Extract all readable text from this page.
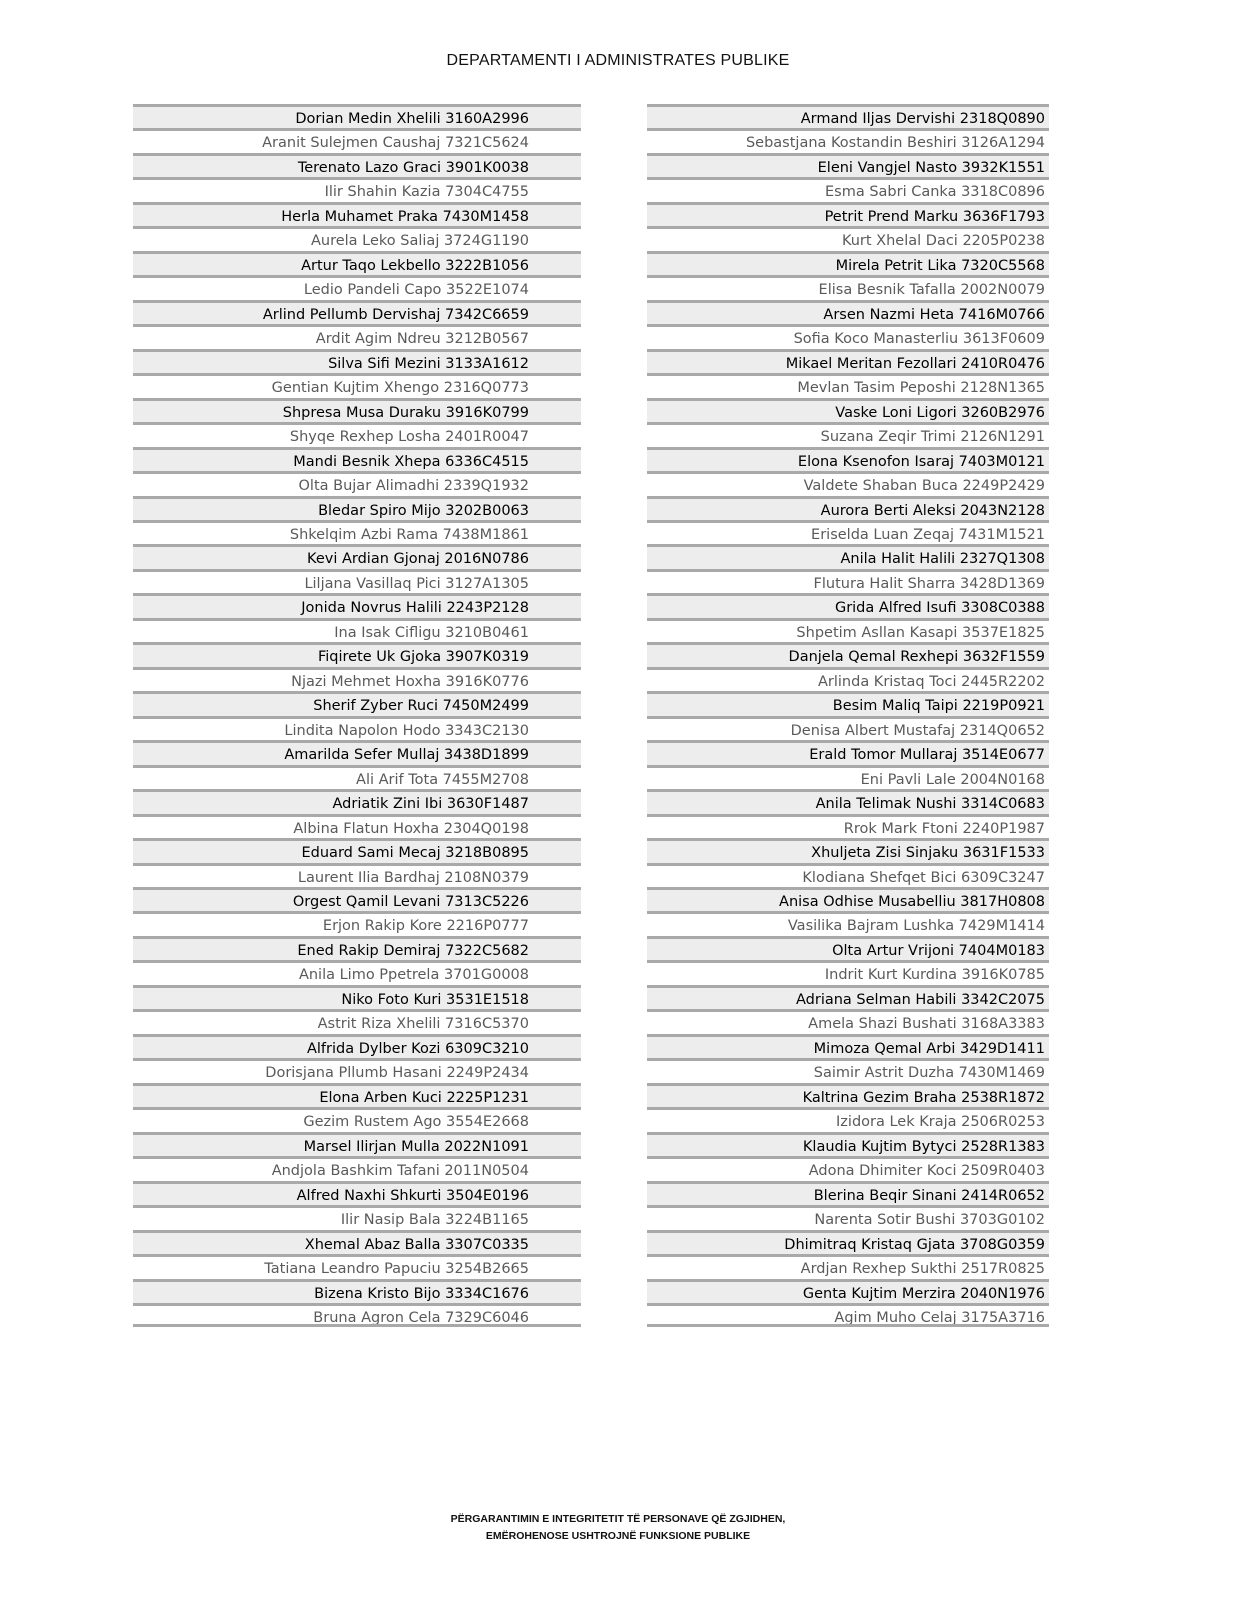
DEPARTAMENTI I ADMINISTRATES PUBLIKE
Dorian Medin Xhelili 3160A2996
Aranit Sulejmen Caushaj 7321C5624
Terenato Lazo Graci 3901K0038
Ilir Shahin Kazia 7304C4755
Herla Muhamet Praka 7430M1458
Aurela Leko Saliaj 3724G1190
Artur Taqo Lekbello 3222B1056
Ledio Pandeli Capo 3522E1074
Arlind Pellumb Dervishaj 7342C6659
Ardit Agim Ndreu 3212B0567
Silva Sifi Mezini 3133A1612
Gentian Kujtim Xhengo 2316Q0773
Shpresa Musa Duraku 3916K0799
Shyqe Rexhep Losha 2401R0047
Mandi Besnik Xhepa 6336C4515
Olta Bujar Alimadhi 2339Q1932
Bledar Spiro Mijo 3202B0063
Shkelqim Azbi Rama 7438M1861
Kevi Ardian Gjonaj 2016N0786
Liljana Vasillaq Pici 3127A1305
Jonida Novrus Halili 2243P2128
Ina Isak Cifligu 3210B0461
Fiqirete Uk Gjoka 3907K0319
Njazi Mehmet Hoxha 3916K0776
Sherif Zyber Ruci 7450M2499
Lindita Napolon Hodo 3343C2130
Amarilda Sefer Mullaj 3438D1899
Ali Arif Tota 7455M2708
Adriatik Zini Ibi 3630F1487
Albina Flatun Hoxha 2304Q0198
Eduard Sami Mecaj 3218B0895
Laurent Ilia Bardhaj 2108N0379
Orgest Qamil Levani 7313C5226
Erjon Rakip Kore 2216P0777
Ened Rakip Demiraj 7322C5682
Anila Limo Ppetrela 3701G0008
Niko Foto Kuri 3531E1518
Astrit Riza Xhelili 7316C5370
Alfrida Dylber Kozi 6309C3210
Dorisjana Pllumb Hasani 2249P2434
Elona Arben Kuci 2225P1231
Gezim Rustem Ago 3554E2668
Marsel Ilirjan Mulla 2022N1091
Andjola Bashkim Tafani 2011N0504
Alfred Naxhi Shkurti 3504E0196
Ilir Nasip Bala 3224B1165
Xhemal Abaz Balla 3307C0335
Tatiana Leandro Papuciu 3254B2665
Bizena Kristo Bijo 3334C1676
Bruna Agron Cela 7329C6046
Armand Iljas Dervishi 2318Q0890
Sebastjana Kostandin Beshiri 3126A1294
Eleni Vangjel Nasto 3932K1551
Esma Sabri Canka 3318C0896
Petrit Prend Marku 3636F1793
Kurt Xhelal Daci 2205P0238
Mirela Petrit Lika 7320C5568
Elisa Besnik Tafalla 2002N0079
Arsen Nazmi Heta 7416M0766
Sofia Koco Manasterliu 3613F0609
Mikael Meritan Fezollari 2410R0476
Mevlan Tasim Peposhi 2128N1365
Vaske Loni Ligori 3260B2976
Suzana Zeqir Trimi 2126N1291
Elona Ksenofon Isaraj 7403M0121
Valdete Shaban Buca 2249P2429
Aurora Berti Aleksi 2043N2128
Eriselda Luan Zeqaj 7431M1521
Anila Halit Halili 2327Q1308
Flutura Halit Sharra 3428D1369
Grida Alfred Isufi 3308C0388
Shpetim Asllan Kasapi 3537E1825
Danjela Qemal Rexhepi 3632F1559
Arlinda Kristaq Toci 2445R2202
Besim Maliq Taipi 2219P0921
Denisa Albert Mustafaj 2314Q0652
Erald Tomor Mullaraj 3514E0677
Eni Pavli Lale 2004N0168
Anila Telimak Nushi 3314C0683
Rrok Mark Ftoni 2240P1987
Xhuljeta Zisi Sinjaku 3631F1533
Klodiana Shefqet Bici 6309C3247
Anisa Odhise Musabelliu 3817H0808
Vasilika Bajram Lushka 7429M1414
Olta Artur Vrijoni 7404M0183
Indrit Kurt Kurdina 3916K0785
Adriana Selman Habili 3342C2075
Amela Shazi Bushati 3168A3383
Mimoza Qemal Arbi 3429D1411
Saimir Astrit Duzha 7430M1469
Kaltrina Gezim Braha 2538R1872
Izidora Lek Kraja 2506R0253
Klaudia Kujtim Bytyci 2528R1383
Adona Dhimiter Koci 2509R0403
Blerina Beqir Sinani 2414R0652
Narenta Sotir Bushi 3703G0102
Dhimitraq Kristaq Gjata 3708G0359
Ardjan Rexhep Sukthi 2517R0825
Genta Kujtim Merzira 2040N1976
Agim Muho Celaj 3175A3716
PËRGARANTIMIN E INTEGRITETIT TË PERSONAVE QË ZGJIDHEN,
EMËROHENOSE USHTROJNË FUNKSIONE PUBLIKE
